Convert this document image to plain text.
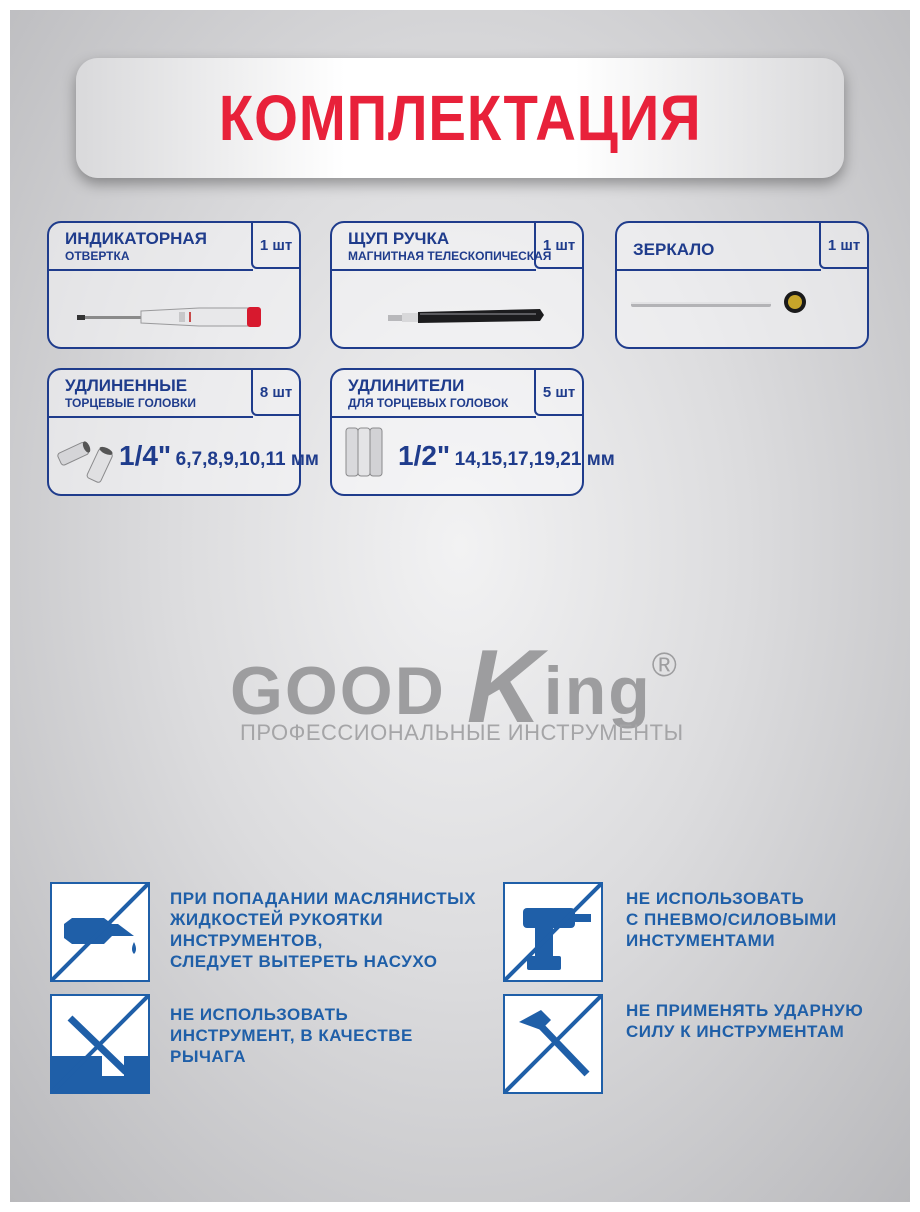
КОМПЛЕКТАЦИЯ
ИНДИКАТОРНАЯ
ОТВЕРТКА
1 шт	ЩУП РУЧКА
МАГНИТНАЯ ТЕЛЕСКОПИЧЕСКАЯ
1 шт	ЗЕРКАЛО	1 шт
УДЛИНЕННЫЕ
ТОРЦЕВЫЕ ГОЛОВКИ
8 шт
1/4" 6,7,8,9,10,11 мм
УДЛИНИТЕЛИ
ДЛЯ ТОРЦЕВЫХ ГОЛОВОК
5 шт
1/2" 14,15,17,19,21 мм
GOOD King®
ПРОФЕССИОНАЛЬНЫЕ ИНСТРУМЕНТЫ
ПРИ ПОПАДАНИИ МАСЛЯНИСТЫХ
ЖИДКОСТЕЙ РУКОЯТКИ
ИНСТРУМЕНТОВ,
СЛЕДУЕТ ВЫТЕРЕТЬ НАСУХО
НЕ ИСПОЛЬЗОВАТЬ
С ПНЕВМО/СИЛОВЫМИ
ИНСТУМЕНТАМИ
НЕ ИСПОЛЬЗОВАТЬ
ИНСТРУМЕНТ, В КАЧЕСТВЕ
РЫЧАГА
НЕ ПРИМЕНЯТЬ УДАРНУЮ
СИЛУ К ИНСТРУМЕНТАМ
